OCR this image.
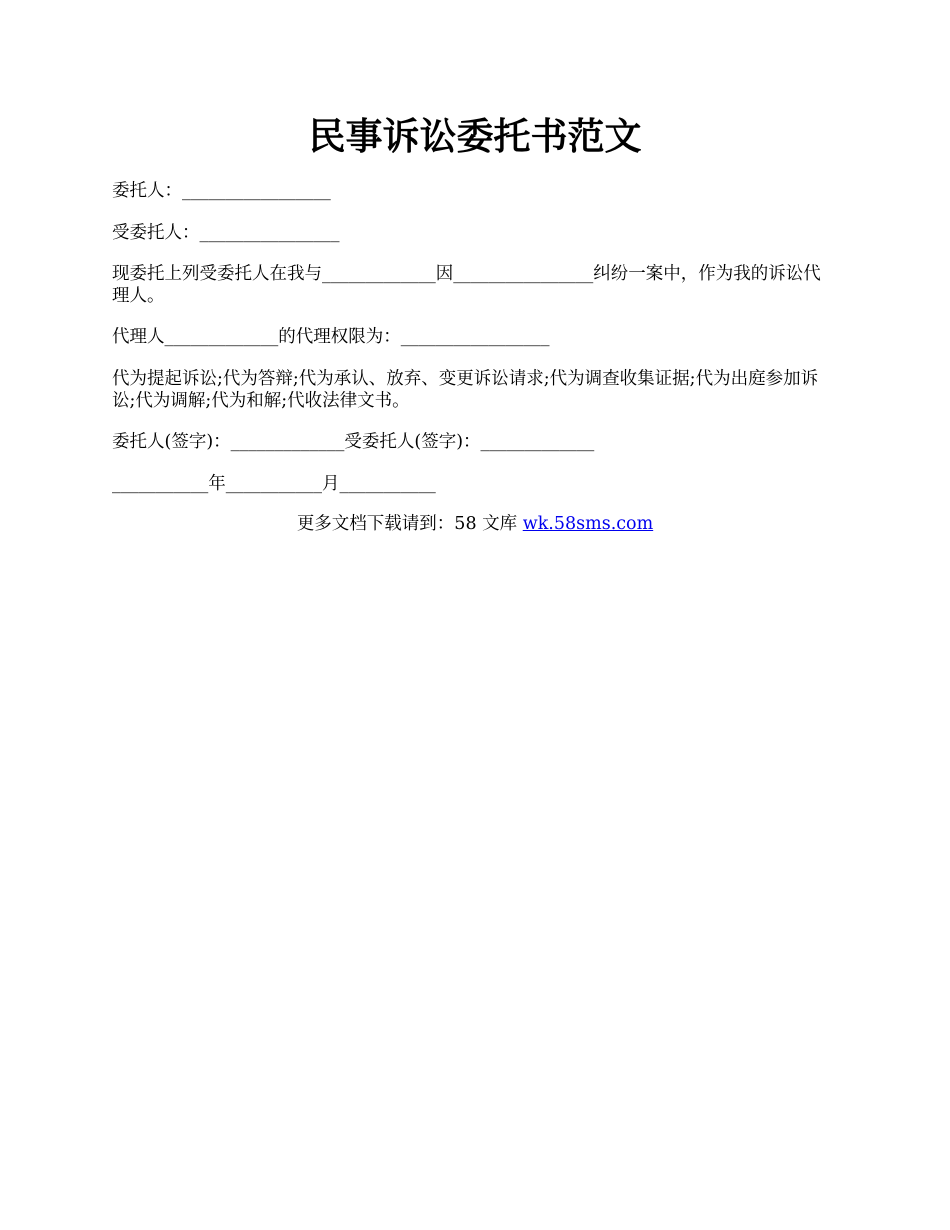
民事诉讼委托书范文

委托人：_________________

受委托人：________________

现委托上列受委托人在我与_____________因________________纠纷一案中，作为我的诉讼代理人。

代理人_____________的代理权限为：_________________

代为提起诉讼;代为答辩;代为承认、放弃、变更诉讼请求;代为调查收集证据;代为出庭参加诉讼;代为调解;代为和解;代收法律文书。

委托人(签字)：_____________受委托人(签字)：_____________

___________年___________月___________

更多文档下载请到：58 文库 wk.58sms.com
